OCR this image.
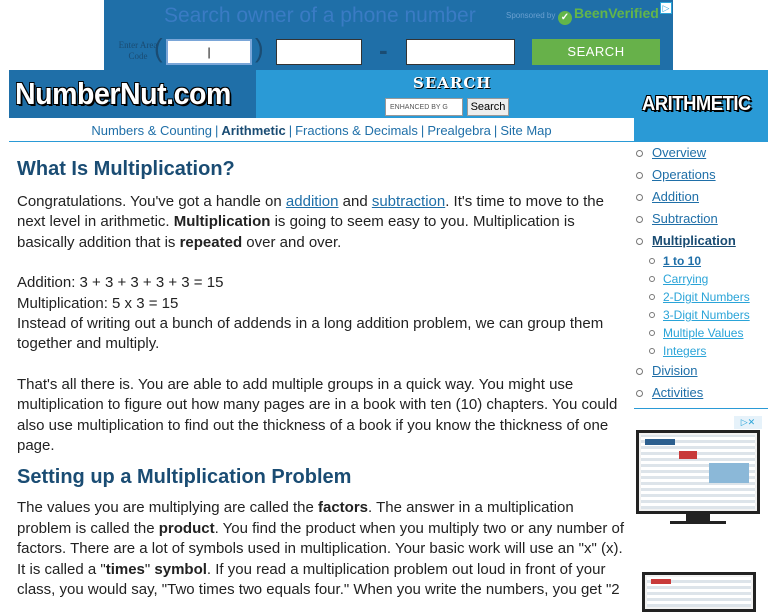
Search owner of a phone number	Sponsored by ✓ BeenVerified ▷
Enter Area Code (	|	)	-	SEARCH
NumberNut.com	SEARCH
ENHANCED BY G	Search	ARITHMETIC
Numbers & Counting | Arithmetic | Fractions & Decimals | Prealgebra | Site Map
What Is Multiplication?

Congratulations. You've got a handle on addition and subtraction. It's time to move to the next level in arithmetic. Multiplication is going to seem easy to you. Multiplication is basically addition that is repeated over and over.

Addition: 3 + 3 + 3 + 3 + 3 = 15

Multiplication: 5 x 3 = 15

Instead of writing out a bunch of addends in a long addition problem, we can group them together and multiply.

That's all there is. You are able to add multiple groups in a quick way. You might use multiplication to figure out how many pages are in a book with ten (10) chapters. You could also use multiplication to find out the thickness of a book if you know the thickness of one page.

Setting up a Multiplication Problem

The values you are multiplying are called the factors. The answer in a multiplication problem is called the product. You find the product when you multiply two or any number of factors. There are a lot of symbols used in multiplication. Your basic work will use an "x" (x). It is called a "times" symbol. If you read a multiplication problem out loud in front of your class, you would say, "Two times two equals four." When you write the numbers, you get "2

Overview
Operations
Addition
Subtraction
Multiplication
1 to 10
Carrying
2-Digit Numbers
3-Digit Numbers
Multiple Values
Integers
Division
Activities
▷✕
